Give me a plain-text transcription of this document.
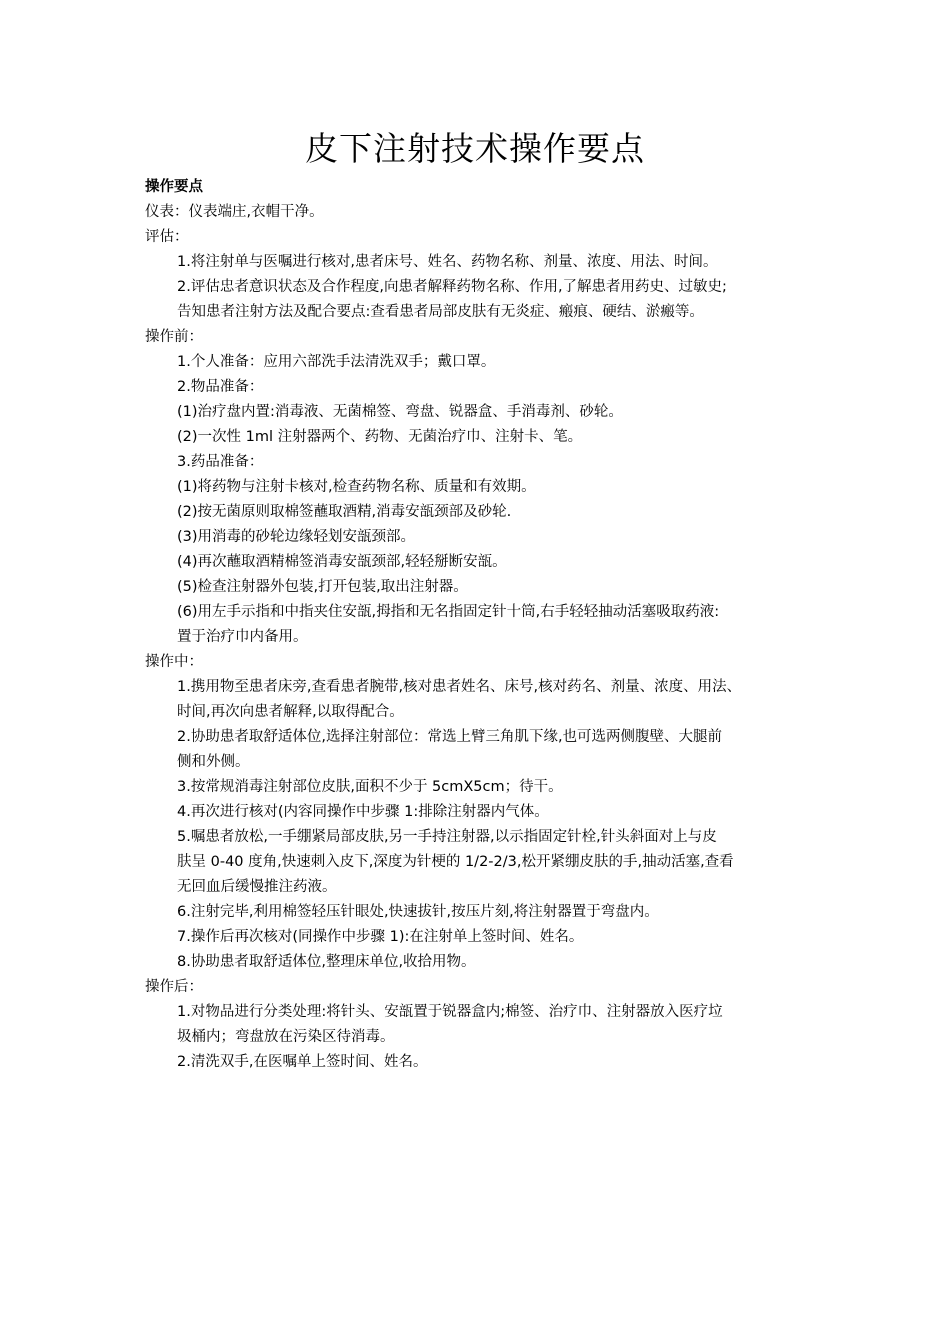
皮下注射技术操作要点
操作要点
仪表：仪表端庄,衣帽干净。
评估：
1.将注射单与医嘱进行核对,患者床号、姓名、药物名称、剂量、浓度、用法、时间。
2.评估忠者意识状态及合作程度,向患者解释药物名称、作用,了解患者用药史、过敏史;
告知患者注射方法及配合要点:查看患者局部皮肤有无炎症、瘢痕、硬结、淤瘢等。
操作前：
1.个人准备：应用六部洗手法清洗双手；戴口罩。
2.物品准备：
(1)治疗盘内置:消毒液、无菌棉签、弯盘、锐器盒、手消毒剂、砂轮。
(2)一次性 1ml 注射器两个、药物、无菌治疗巾、注射卡、笔。
3.药品准备：
(1)将药物与注射卡核对,检查药物名称、质量和有效期。
(2)按无菌原则取棉签蘸取酒精,消毒安瓿颈部及砂轮.
(3)用消毒的砂轮边缘轻划安瓿颈部。
(4)再次蘸取酒精棉签消毒安瓿颈部,轻轻掰断安瓿。
(5)检查注射器外包装,打开包装,取出注射器。
(6)用左手示指和中指夹住安瓿,拇指和无名指固定针十筒,右手轻轻抽动活塞吸取药液:
置于治疗巾内备用。
操作中：
1.携用物至患者床旁,查看患者腕带,核对患者姓名、床号,核对药名、剂量、浓度、用法、
时间,再次向患者解释,以取得配合。
2.协助患者取舒适体位,选择注射部位：常选上臂三角肌下缘,也可选两侧腹壁、大腿前
侧和外侧。
3.按常规消毒注射部位皮肤,面积不少于 5cmX5cm；待干。
4.再次进行核对(内容同操作中步骤 1:排除注射器内气体。
5.嘱患者放松,一手绷紧局部皮肤,另一手持注射器,以示指固定针栓,针头斜面对上与皮
肤呈 0-40 度角,快速刺入皮下,深度为针梗的 1/2-2/3,松开紧绷皮肤的手,抽动活塞,查看
无回血后缓慢推注药液。
6.注射完毕,利用棉签轻压针眼处,快速拔针,按压片刻,将注射器置于弯盘内。
7.操作后再次核对(同操作中步骤 1):在注射单上签时间、姓名。
8.协助患者取舒适体位,整理床单位,收拾用物。
操作后：
1.对物品进行分类处理:将针头、安瓿置于锐器盒内;棉签、治疗巾、注射器放入医疗垃
圾桶内；弯盘放在污染区待消毒。
2.清洗双手,在医嘱单上签时间、姓名。
